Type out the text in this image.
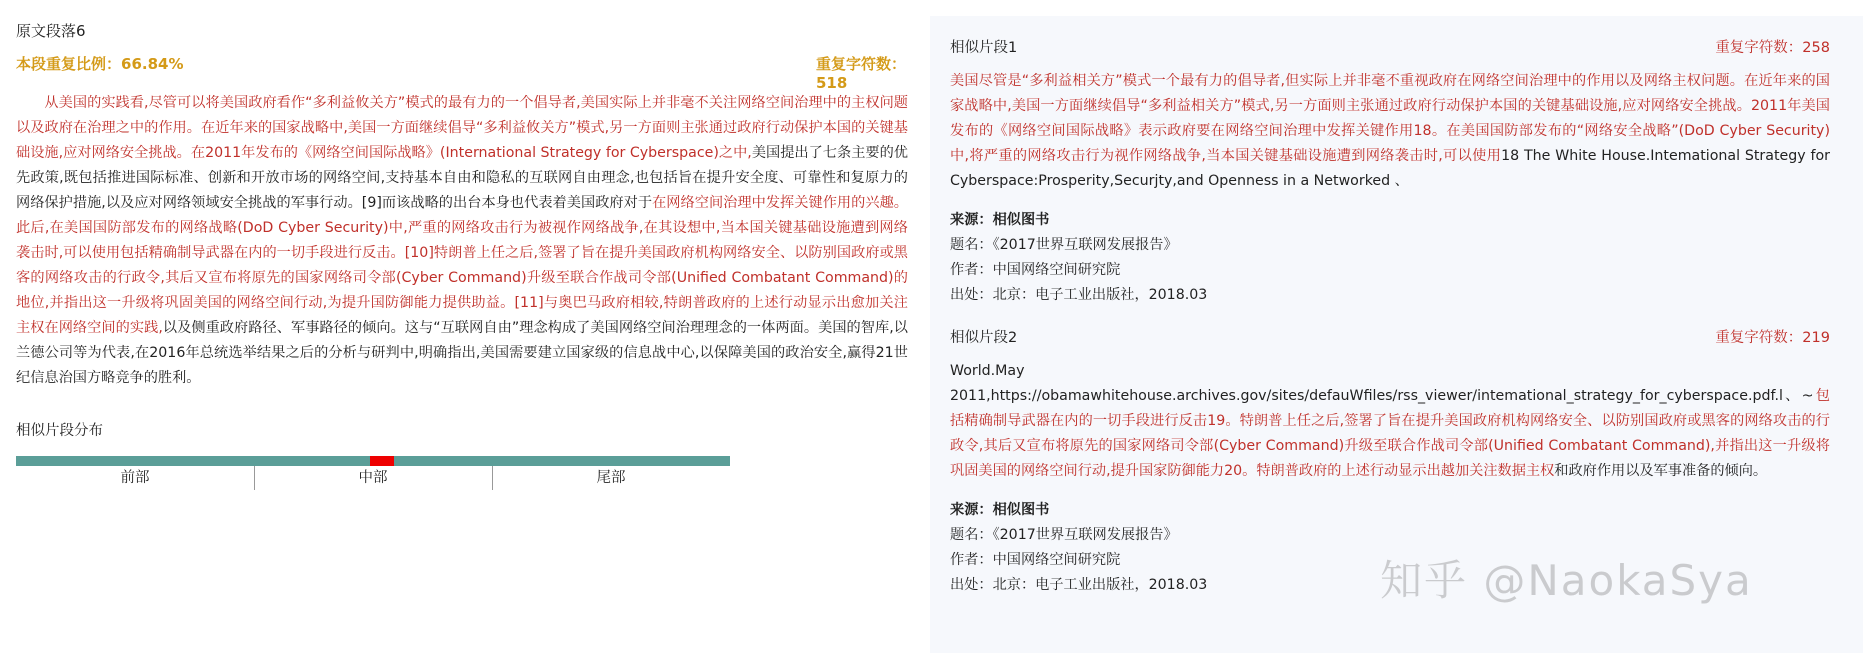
原文段落6
本段重复比例：66.84%	重复字符数：518
从美国的实践看,尽管可以将美国政府看作“多利益攸关方”模式的最有力的一个倡导者,美国实际上并非毫不关注网络空间治理中的主权问题以及政府在治理之中的作用。在近年来的国家战略中,美国一方面继续倡导“多利益攸关方”模式,另一方面则主张通过政府行动保护本国的关键基础设施,应对网络安全挑战。在2011年发布的《网络空间国际战略》(International Strategy for Cyberspace)之中,美国提出了七条主要的优先政策,既包括推进国际标准、创新和开放市场的网络空间,支持基本自由和隐私的互联网自由理念,也包括旨在提升安全度、可靠性和复原力的网络保护措施,以及应对网络领域安全挑战的军事行动。[9]而该战略的出台本身也代表着美国政府对于在网络空间治理中发挥关键作用的兴趣。此后,在美国国防部发布的网络战略(DoD Cyber Security)中,严重的网络攻击行为被视作网络战争,在其设想中,当本国关键基础设施遭到网络袭击时,可以使用包括精确制导武器在内的一切手段进行反击。[10]特朗普上任之后,签署了旨在提升美国政府机构网络安全、以防别国政府或黑客的网络攻击的行政令,其后又宣布将原先的国家网络司令部(Cyber Command)升级至联合作战司令部(Unified Combatant Command)的地位,并指出这一升级将巩固美国的网络空间行动,为提升国防御能力提供助益。[11]与奥巴马政府相较,特朗普政府的上述行动显示出愈加关注主权在网络空间的实践,以及侧重政府路径、军事路径的倾向。这与“互联网自由”理念构成了美国网络空间治理理念的一体两面。美国的智库,以兰德公司等为代表,在2016年总统选举结果之后的分析与研判中,明确指出,美国需要建立国家级的信息战中心,以保障美国的政治安全,赢得21世纪信息治国方略竞争的胜利。
相似片段分布
前部	中部	尾部
相似片段1	重复字符数：258
美国尽管是“多利益相关方”模式一个最有力的倡导者,但实际上并非毫不重视政府在网络空间治理中的作用以及网络主权问题。在近年来的国家战略中,美国一方面继续倡导“多利益相关方”模式,另一方面则主张通过政府行动保护本国的关键基础设施,应对网络安全挑战。2011年美国发布的《网络空间国际战略》表示政府要在网络空间治理中发挥关键作用18。在美国国防部发布的“网络安全战略”(DoD Cyber Security)中,将严重的网络攻击行为视作网络战争,当本国关键基础设施遭到网络袭击时,可以使用18 The White House.Intemational Strategy for Cyberspace:Prosperity,Securjty,and Openness in a Networked 、
来源：相似图书
题名：《2017世界互联网发展报告》
作者：中国网络空间研究院
出处：北京：电子工业出版社，2018.03
相似片段2	重复字符数：219
World.May 2011,https://obamawhitehouse.archives.gov/sites/defauWfiles/rss_viewer/intemational_strategy_for_cyberspace.pdf.l、~包括精确制导武器在内的一切手段进行反击19。特朗普上任之后,签署了旨在提升美国政府机构网络安全、以防别国政府或黑客的网络攻击的行政令,其后又宣布将原先的国家网络司令部(Cyber Command)升级至联合作战司令部(Unified Combatant Command),并指出这一升级将巩固美国的网络空间行动,提升国家防御能力20。特朗普政府的上述行动显示出越加关注数据主权和政府作用以及军事准备的倾向。
来源：相似图书
题名：《2017世界互联网发展报告》
作者：中国网络空间研究院
出处：北京：电子工业出版社，2018.03	知乎 @NaokaSya
